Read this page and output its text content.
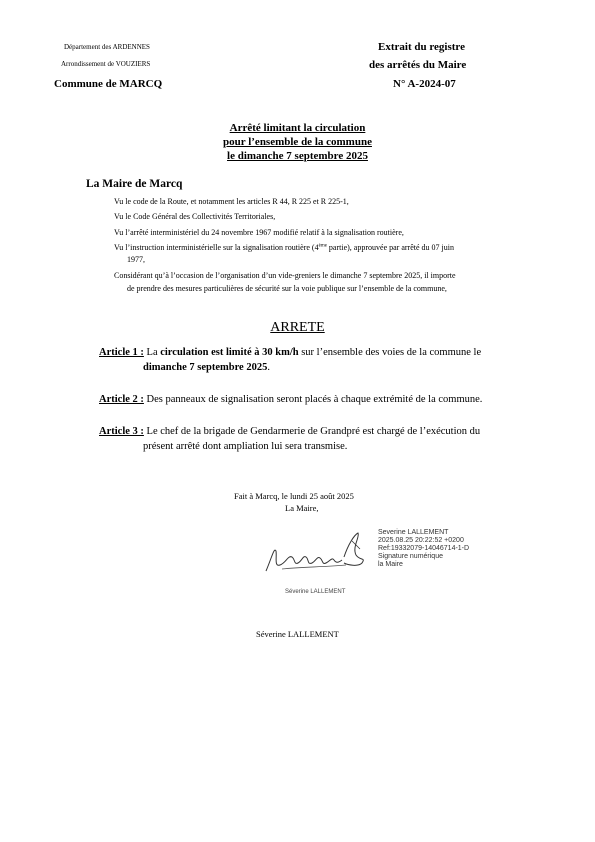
Département des ARDENNES
Arrondissement de VOUZIERS
Commune de MARCQ
Extrait du registre
des arrêtés du Maire
N° A-2024-07
Arrêté limitant la circulation
pour l’ensemble de la commune
le dimanche 7 septembre 2025
La Maire de Marcq
Vu le code de la Route, et notamment les articles R 44, R 225 et R 225-1,
Vu le Code Général des Collectivités Territoriales,
Vu l’arrêté interministériel du 24 novembre 1967 modifié relatif à la signalisation routière,
Vu l’instruction interministérielle sur la signalisation routière (4ème partie), approuvée par arrêté du 07 juin
1977,
Considérant qu’à l’occasion de l’organisation d’un vide-greniers le dimanche 7 septembre 2025, il importe
de prendre des mesures particulières de sécurité sur la voie publique sur l’ensemble de la commune,
ARRETE
Article 1 : La circulation est limité à 30 km/h sur l’ensemble des voies de la commune le
dimanche 7 septembre 2025.
Article 2 : Des panneaux de signalisation seront placés à chaque extrémité de la commune.
Article 3 : Le chef de la brigade de Gendarmerie de Grandpré est chargé de l’exécution du
présent arrêté dont ampliation lui sera transmise.
Fait à Marcq, le lundi 25 août 2025
La Maire,
Severine LALLEMENT
2025.08.25 20:22:52 +0200
Ref:19332079-14046714-1-D
Signature numérique
la Maire
Séverine LALLEMENT
Séverine LALLEMENT
